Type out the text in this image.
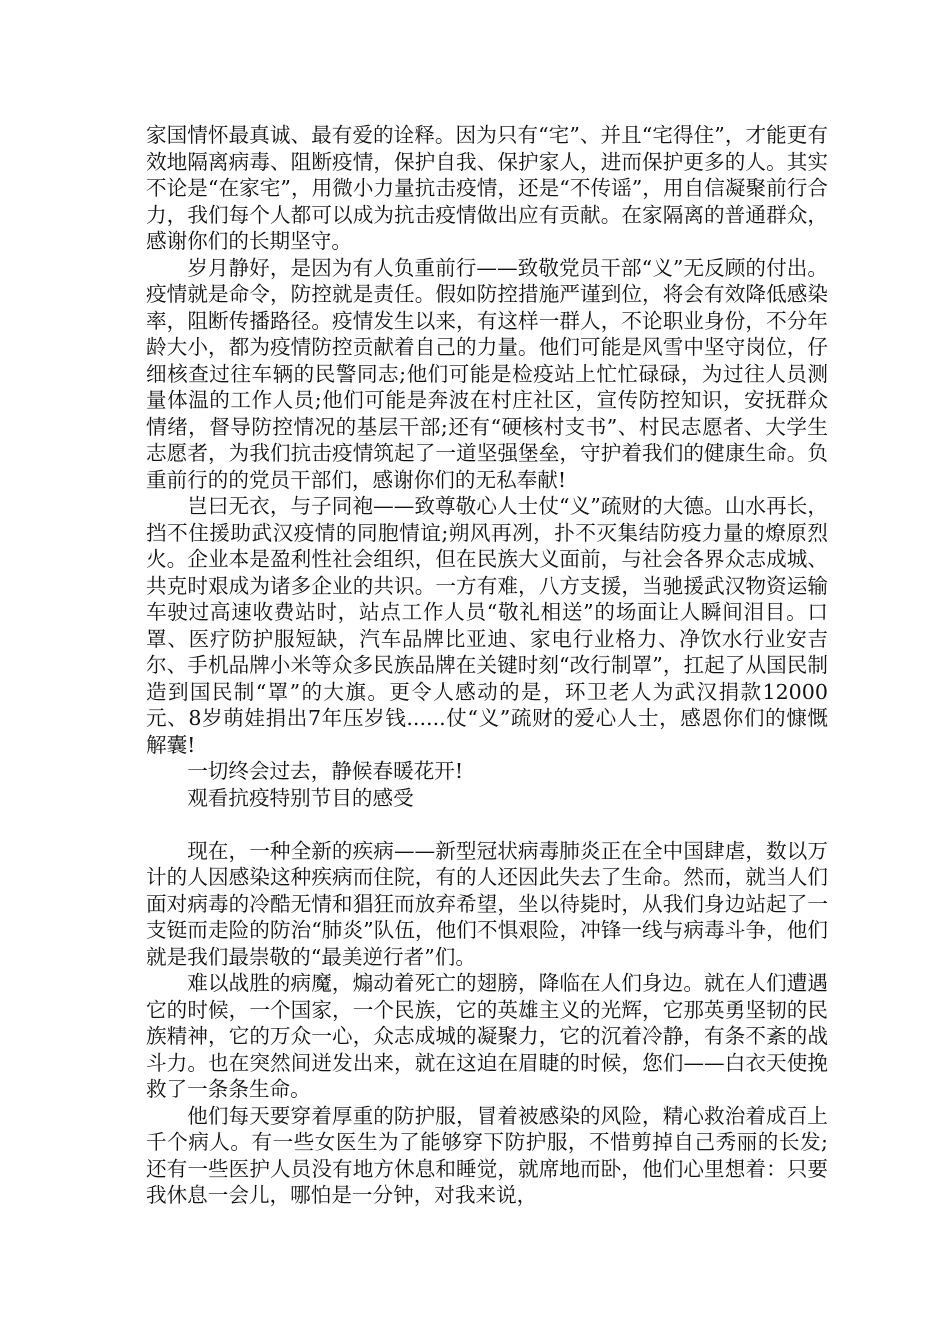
家国情怀最真诚、最有爱的诠释。因为只有“宅”、并且“宅得住”，才能更有效地隔离病毒、阻断疫情，保护自我、保护家人，进而保护更多的人。其实不论是“在家宅”，用微小力量抗击疫情，还是“不传谣”，用自信凝聚前行合力，我们每个人都可以成为抗击疫情做出应有贡献。在家隔离的普通群众，感谢你们的长期坚守。

岁月静好，是因为有人负重前行——致敬党员干部“义”无反顾的付出。疫情就是命令，防控就是责任。假如防控措施严谨到位，将会有效降低感染率，阻断传播路径。疫情发生以来，有这样一群人，不论职业身份，不分年龄大小，都为疫情防控贡献着自己的力量。他们可能是风雪中坚守岗位，仔细核查过往车辆的民警同志;他们可能是检疫站上忙忙碌碌，为过往人员测量体温的工作人员;他们可能是奔波在村庄社区，宣传防控知识，安抚群众情绪，督导防控情况的基层干部;还有“硬核村支书”、村民志愿者、大学生志愿者，为我们抗击疫情筑起了一道坚强堡垒，守护着我们的健康生命。负重前行的的党员干部们，感谢你们的无私奉献!

岂曰无衣，与子同袍——致尊敬心人士仗“义”疏财的大德。山水再长，挡不住援助武汉疫情的同胞情谊;朔风再冽，扑不灭集结防疫力量的燎原烈火。企业本是盈利性社会组织，但在民族大义面前，与社会各界众志成城、共克时艰成为诸多企业的共识。一方有难，八方支援，当驰援武汉物资运输车驶过高速收费站时，站点工作人员“敬礼相送”的场面让人瞬间泪目。口罩、医疗防护服短缺，汽车品牌比亚迪、家电行业格力、净饮水行业安吉尔、手机品牌小米等众多民族品牌在关键时刻“改行制罩”，扛起了从国民制造到国民制“罩”的大旗。更令人感动的是，环卫老人为武汉捐款12000元、8岁萌娃捐出7年压岁钱......仗“义”疏财的爱心人士，感恩你们的慷慨解囊!

一切终会过去，静候春暖花开!

观看抗疫特别节目的感受

现在，一种全新的疾病——新型冠状病毒肺炎正在全中国肆虐，数以万计的人因感染这种疾病而住院，有的人还因此失去了生命。然而，就当人们面对病毒的冷酷无情和猖狂而放弃希望，坐以待毙时，从我们身边站起了一支铤而走险的防治“肺炎”队伍，他们不惧艰险，冲锋一线与病毒斗争，他们就是我们最崇敬的“最美逆行者”们。

难以战胜的病魔，煽动着死亡的翅膀，降临在人们身边。就在人们遭遇它的时候，一个国家，一个民族，它的英雄主义的光辉，它那英勇坚韧的民族精神，它的万众一心，众志成城的凝聚力，它的沉着冷静，有条不紊的战斗力。也在突然间迸发出来，就在这迫在眉睫的时候，您们——白衣天使挽救了一条条生命。

他们每天要穿着厚重的防护服，冒着被感染的风险，精心救治着成百上千个病人。有一些女医生为了能够穿下防护服，不惜剪掉自己秀丽的长发;还有一些医护人员没有地方休息和睡觉，就席地而卧，他们心里想着：只要我休息一会儿，哪怕是一分钟，对我来说，
